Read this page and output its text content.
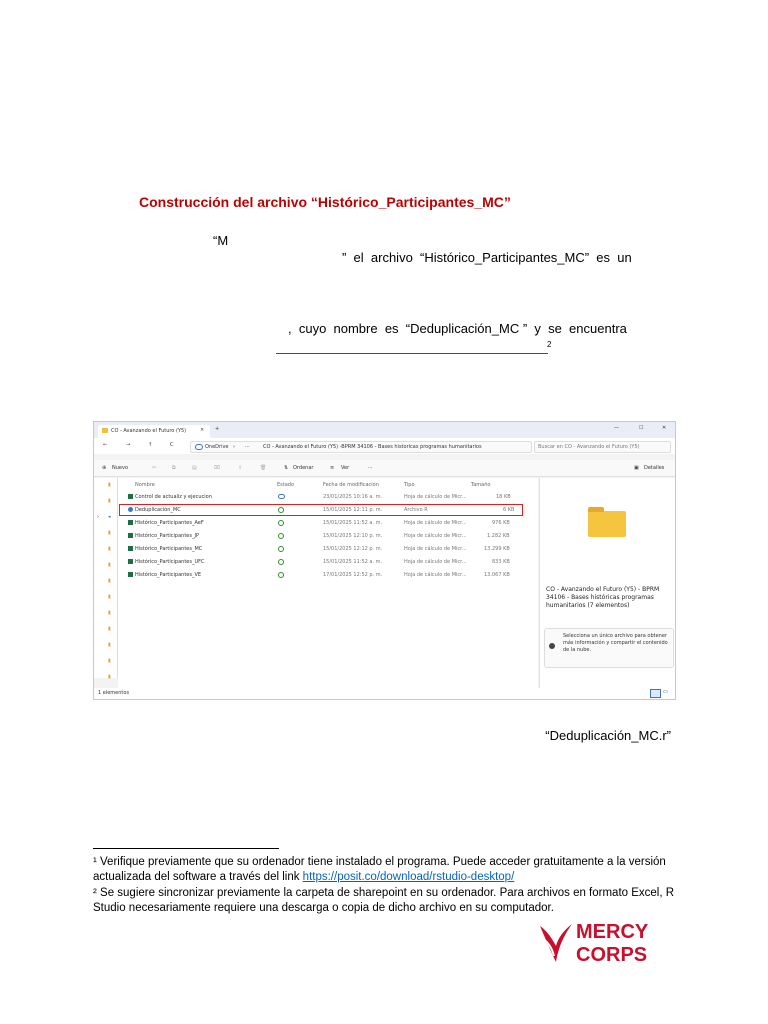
Construcción del archivo “Histórico_Participantes_MC”
“M
”  el  archivo  “Histórico_Participantes_MC”  es  un
,  cuyo  nombre  es  “Deduplicación_MC ”  y  se  encuentra
2
CO - Avanzando el Futuro (Y5)	× +	—	☐	✕
←	→	↑	C	OneDrive › ···	CO - Avanzando el Futuro (Y5) -BPRM 34106 - Bases historicas programas humanitarios	Buscar en CO - Avanzando el Futuro (Y5)
⊕ Nuevo	✂	⧉	▤	⌧	⇪	🗑	⇅ Ordenar	≡ Ver	···	▣ Detalles
▮
▮
› ◂
▮
▮
▮
▮
▮
▮
▮
▮
▮
▮
Nombre	Estado	Fecha de modificación	Tipo	Tamaño
Control de actualiz y ejecucion	23/01/2025 10:16 a. m.	Hoja de cálculo de Micr...	18 KB
Deduplicación_MC	15/01/2025 12:11 p. m.	Archivo R	6 KB
Histórico_Participantes_AeF	15/01/2025 11:52 a. m.	Hoja de cálculo de Micr...	976 KB
Histórico_Participantes_JP	15/01/2025 12:10 p. m.	Hoja de cálculo de Micr...	1.282 KB
Histórico_Participantes_MC	15/01/2025 12:12 p. m.	Hoja de cálculo de Micr...	13.299 KB
Histórico_Participantes_UFC	15/01/2025 11:52 a. m.	Hoja de cálculo de Micr...	833 KB
Histórico_Participantes_VE	17/01/2025 12:52 p. m.	Hoja de cálculo de Micr...	13.067 KB
CO - Avanzando el Futuro (Y5) - BPRM 34106 - Bases históricas programas humanitarios (7 elementos)
Selecciona un único archivo para obtener más información y compartir el contenido de la nube.
1 elementos	▭
“Deduplicación_MC.r”
¹ Verifique previamente que su ordenador tiene instalado el programa. Puede acceder gratuitamente a la versión actualizada del software a través del link https://posit.co/download/rstudio-desktop/
² Se sugiere sincronizar previamente la carpeta de sharepoint en su ordenador. Para archivos en formato Excel, R Studio necesariamente requiere una descarga o copia de dicho archivo en su computador.
MERCY
CORPS
